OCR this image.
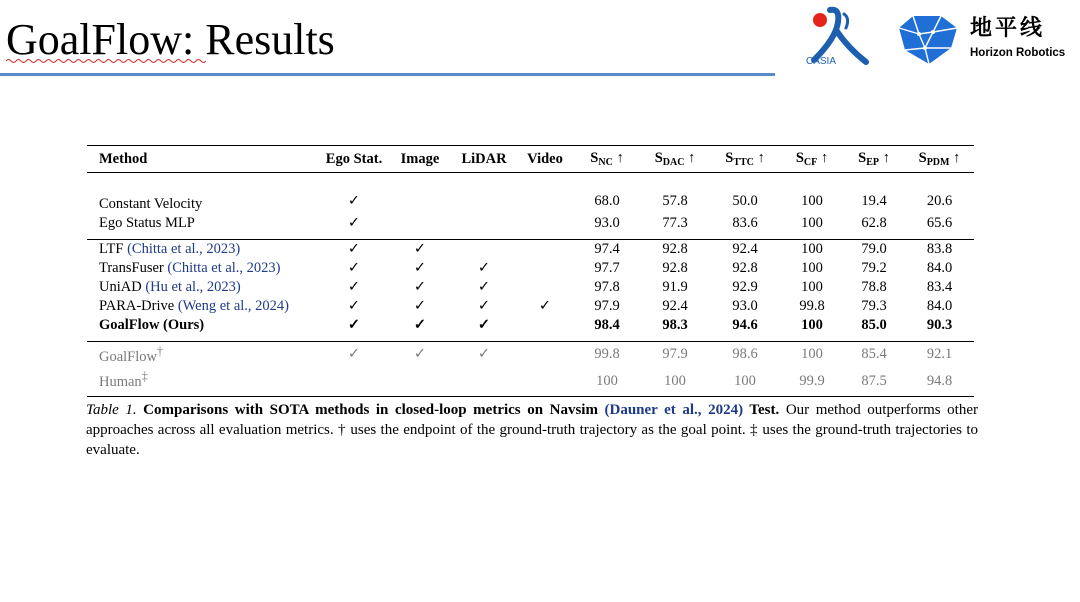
GoalFlow: Results	CASIA
地平线
Horizon Robotics

Method	Ego Stat.	Image	LiDAR	Video	$S_{NC}$ ↑	$S_{DAC}$ ↑	$S_{TTC}$ ↑	$S_{CF}$ ↑	$S_{EP}$ ↑	$S_{PDM}$ ↑
Constant Velocity	✓				68.0	57.8	50.0	100	19.4	20.6
Ego Status MLP	✓				93.0	77.3	83.6	100	62.8	65.6

LTF (Chitta et al., 2023)	✓	✓			97.4	92.8	92.4	100	79.0	83.8
TransFuser (Chitta et al., 2023)	✓	✓	✓		97.7	92.8	92.8	100	79.2	84.0
UniAD (Hu et al., 2023)	✓	✓	✓		97.8	91.9	92.9	100	78.8	83.4
PARA-Drive (Weng et al., 2024)	✓	✓	✓	✓	97.9	92.4	93.0	99.8	79.3	84.0
GoalFlow (Ours)	✓	✓	✓		98.4	98.3	94.6	100	85.0	90.3

GoalFlow†	✓	✓	✓		99.8	97.9	98.6	100	85.4	92.1
Human‡					100	100	100	99.9	87.5	94.8
Table 1. Comparisons with SOTA methods in closed-loop metrics on Navsim (Dauner et al., 2024) Test. Our method outperforms other approaches across all evaluation metrics. † uses the endpoint of the ground-truth trajectory as the goal point. ‡ uses the ground-truth trajectories to evaluate.
